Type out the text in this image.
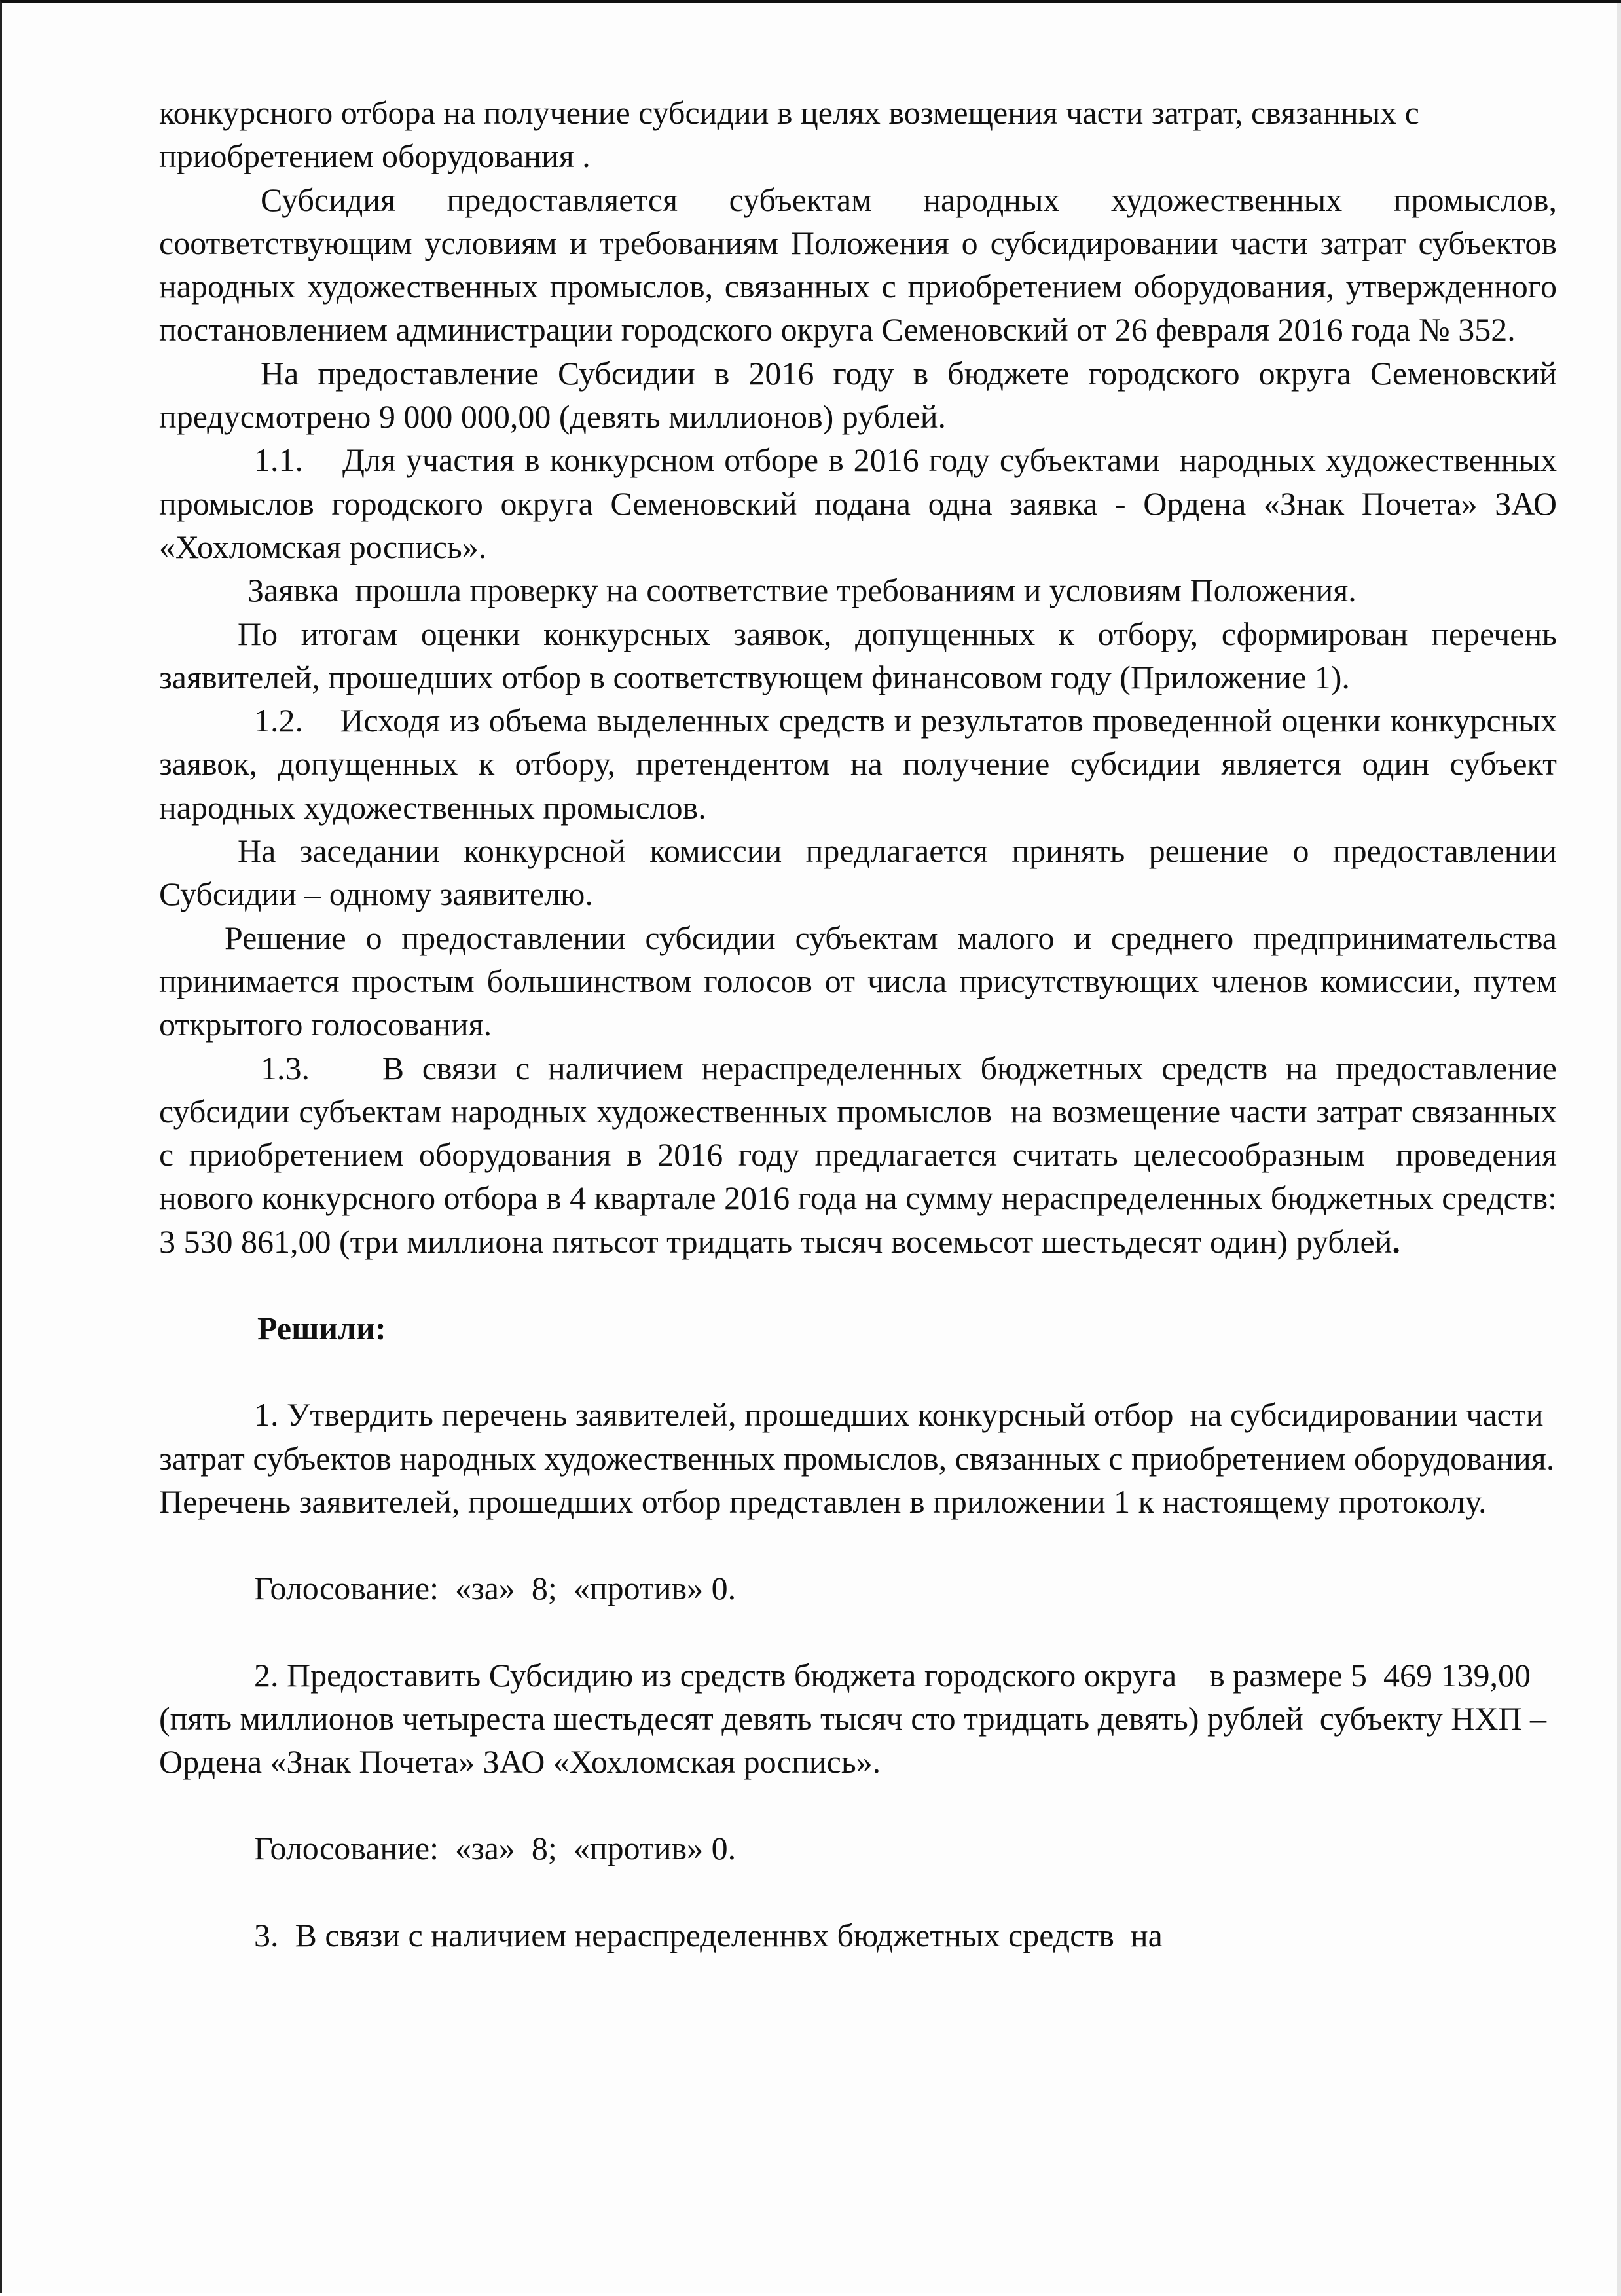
конкурсного отбора на получение субсидии в целях возмещения части затрат, связанных с приобретением оборудования .

Субсидия предоставляется субъектам народных художественных промыслов, соответствующим условиям и требованиям Положения о субсидировании части затрат субъектов народных художественных промыслов, связанных с приобретением оборудования, утвержденного постановлением администрации городского округа Семеновский от 26 февраля 2016 года № 352.

На предоставление Субсидии в 2016 году в бюджете городского округа Семеновский предусмотрено 9 000 000,00 (девять миллионов) рублей.

1.1.    Для участия в конкурсном отборе в 2016 году субъектами  народных художественных промыслов городского округа Семеновский подана одна заявка - Ордена «Знак Почета» ЗАО «Хохломская роспись».

Заявка  прошла проверку на соответствие требованиям и условиям Положения.

По итогам оценки конкурсных заявок, допущенных к отбору, сформирован перечень заявителей, прошедших отбор в соответствующем финансовом году (Приложение 1).

1.2.    Исходя из объема выделенных средств и результатов проведенной оценки конкурсных заявок, допущенных к отбору, претендентом на получение субсидии является один субъект народных художественных промыслов.

На заседании конкурсной комиссии предлагается принять решение о предоставлении Субсидии – одному заявителю.

Решение о предоставлении субсидии субъектам малого и среднего предпринимательства принимается простым большинством голосов от числа присутствующих членов комиссии, путем открытого голосования.

1.3.    В связи с наличием нераспределенных бюджетных средств на предоставление субсидии субъектам народных художественных промыслов  на возмещение части затрат связанных с приобретением оборудования в 2016 году предлагается считать целесообразным  проведения нового конкурсного отбора в 4 квартале 2016 года на сумму нераспределенных бюджетных средств: 3 530 861,00 (три миллиона пятьсот тридцать тысяч восемьсот шестьдесят один) рублей.

Решили:

1. Утвердить перечень заявителей, прошедших конкурсный отбор  на субсидировании части затрат субъектов народных художественных промыслов, связанных с приобретением оборудования. Перечень заявителей, прошедших отбор представлен в приложении 1 к настоящему протоколу.

Голосование:  «за»  8;  «против» 0.

2. Предоставить Субсидию из средств бюджета городского округа    в размере 5  469 139,00 (пять миллионов четыреста шестьдесят девять тысяч сто тридцать девять) рублей  субъекту НХП – Ордена «Знак Почета» ЗАО «Хохломская роспись».

Голосование:  «за»  8;  «против» 0.

3.  В связи с наличием нераспределеннвх бюджетных средств  на
